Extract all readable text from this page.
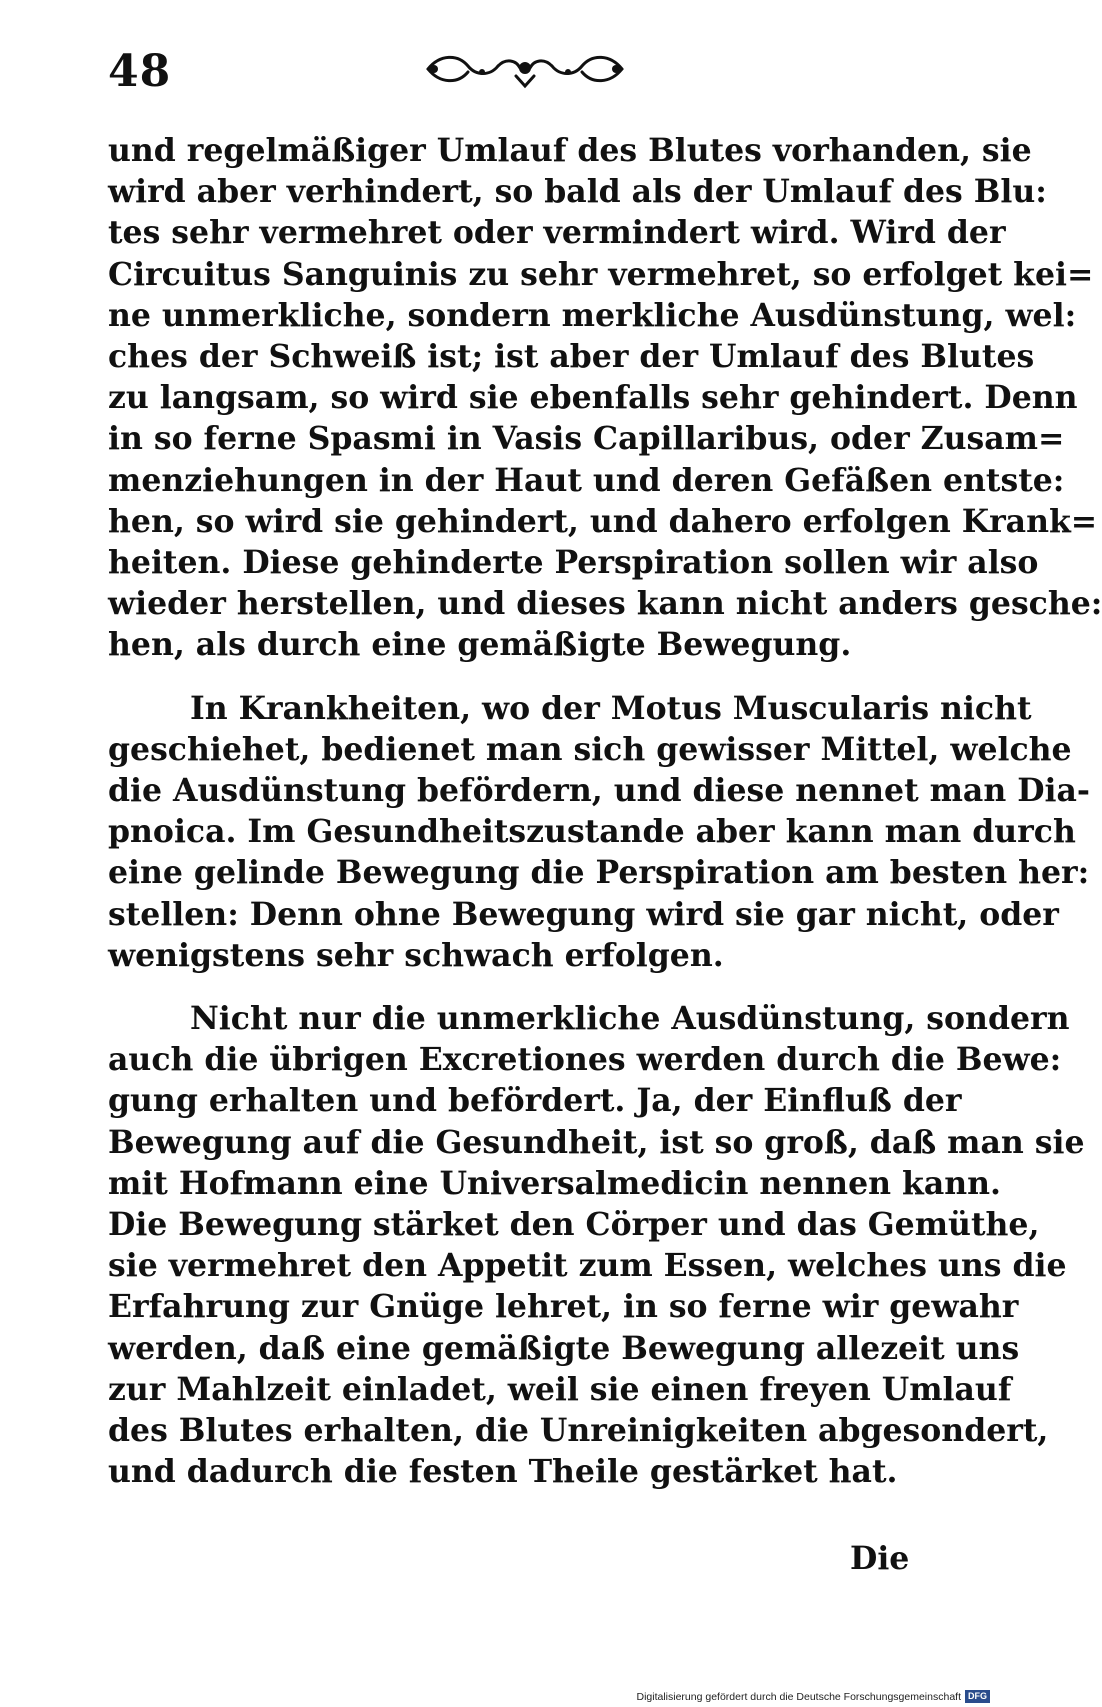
48
und regelmäßiger Umlauf des Blutes vorhanden, sie
wird aber verhindert, so bald als der Umlauf des Blu:
tes sehr vermehret oder vermindert wird. Wird der
Circuitus Sanguinis zu sehr vermehret, so erfolget kei=
ne unmerkliche, sondern merkliche Ausdünstung, wel:
ches der Schweiß ist; ist aber der Umlauf des Blutes
zu langsam, so wird sie ebenfalls sehr gehindert. Denn
in so ferne Spasmi in Vasis Capillaribus, oder Zusam=
menziehungen in der Haut und deren Gefäßen entste:
hen, so wird sie gehindert, und dahero erfolgen Krank=
heiten. Diese gehinderte Perspiration sollen wir also
wieder herstellen, und dieses kann nicht anders gesche:
hen, als durch eine gemäßigte Bewegung.
In Krankheiten, wo der Motus Muscularis nicht
geschiehet, bedienet man sich gewisser Mittel, welche
die Ausdünstung befördern, und diese nennet man Dia-
pnoica. Im Gesundheitszustande aber kann man durch
eine gelinde Bewegung die Perspiration am besten her:
stellen: Denn ohne Bewegung wird sie gar nicht, oder
wenigstens sehr schwach erfolgen.
Nicht nur die unmerkliche Ausdünstung, sondern
auch die übrigen Excretiones werden durch die Bewe:
gung erhalten und befördert. Ja, der Einfluß der
Bewegung auf die Gesundheit, ist so groß, daß man sie
mit Hofmann eine Universalmedicin nennen kann.
Die Bewegung stärket den Cörper und das Gemüthe,
sie vermehret den Appetit zum Essen, welches uns die
Erfahrung zur Gnüge lehret, in so ferne wir gewahr
werden, daß eine gemäßigte Bewegung allezeit uns
zur Mahlzeit einladet, weil sie einen freyen Umlauf
des Blutes erhalten, die Unreinigkeiten abgesondert,
und dadurch die festen Theile gestärket hat.
Die
Digitalisierung gefördert durch die Deutsche Forschungsgemeinschaft DFG
